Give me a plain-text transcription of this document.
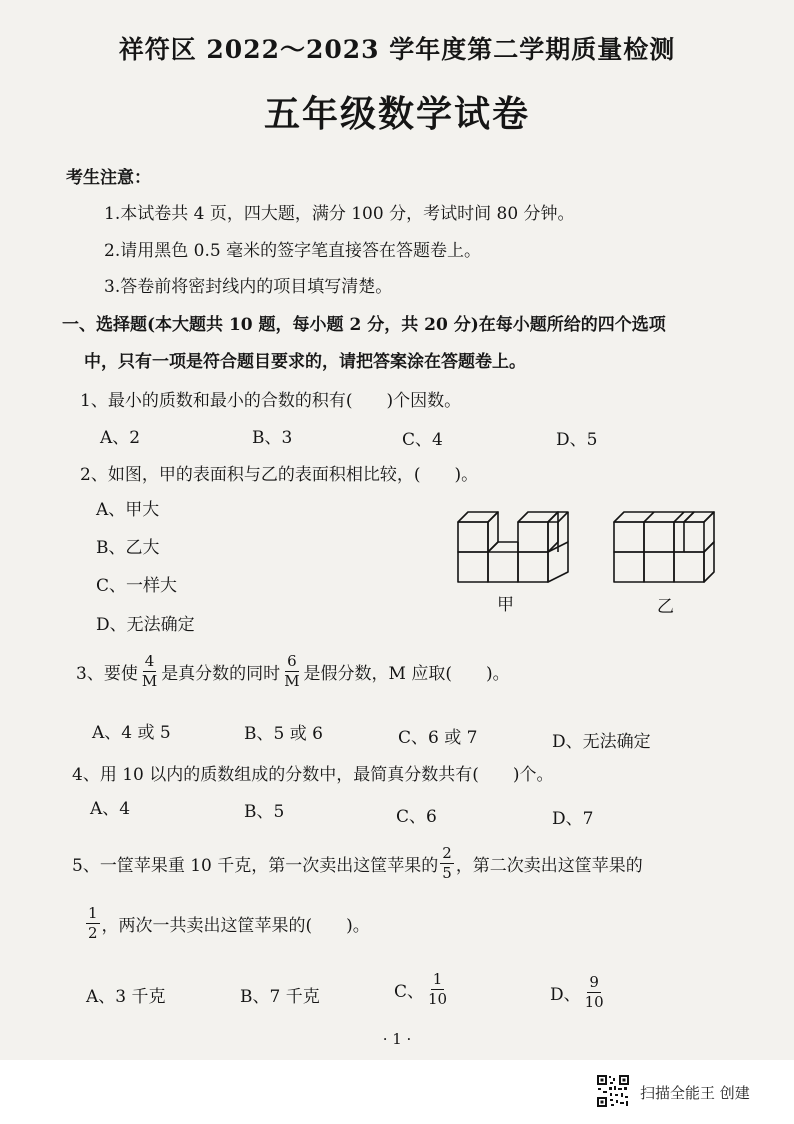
祥符区 2022～2023 学年度第二学期质量检测
五年级数学试卷
考生注意：
1.本试卷共 4 页，四大题，满分 100 分，考试时间 80 分钟。
2.请用黑色 0.5 毫米的签字笔直接答在答题卷上。
3.答卷前将密封线内的项目填写清楚。
一、选择题(本大题共 10 题，每小题 2 分，共 20 分)在每小题所给的四个选项
中，只有一项是符合题目要求的，请把答案涂在答题卷上。
1、最小的质数和最小的合数的积有(　　)个因数。
A、2	B、3	C、4	D、5
2、如图，甲的表面积与乙的表面积相比较，(　　)。
A、甲大
B、乙大
C、一样大
D、无法确定
甲	乙
3、要使 $\frac{4}{M}$ 是真分数的同时 $\frac{6}{M}$ 是假分数，M 应取(　　)。
A、4 或 5	B、5 或 6	C、6 或 7	D、无法确定
4、用 10 以内的质数组成的分数中，最简真分数共有(　　)个。
A、4	B、5	C、6	D、7
5、一筐苹果重 10 千克，第一次卖出这筐苹果的 $\frac{2}{5}$ ，第二次卖出这筐苹果的
$\frac{1}{2}$ ，两次一共卖出这筐苹果的(　　)。
A、3 千克	B、7 千克	C、 $\frac{1}{10}$	D、 $\frac{9}{10}$
· 1 ·
扫描全能王 创建
